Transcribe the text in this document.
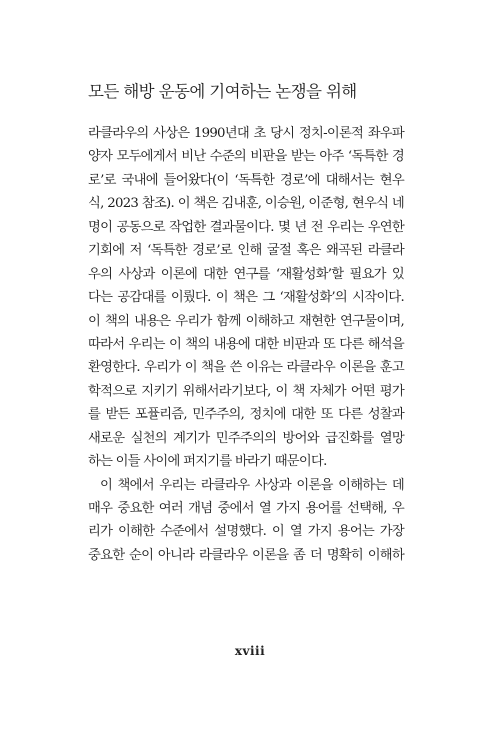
모든 해방 운동에 기여하는 논쟁을 위해
라클라우의 사상은 1990년대 초 당시 정치-이론적 좌우파
양자 모두에게서 비난 수준의 비판을 받는 아주 ‘독특한 경
로’로 국내에 들어왔다(이 ‘독특한 경로’에 대해서는 현우
식, 2023 참조). 이 책은 김내훈, 이승원, 이준형, 현우식 네
명이 공동으로 작업한 결과물이다. 몇 년 전 우리는 우연한
기회에 저 ‘독특한 경로’로 인해 굴절 혹은 왜곡된 라클라
우의 사상과 이론에 대한 연구를 ‘재활성화’할 필요가 있
다는 공감대를 이뤘다. 이 책은 그 ‘재활성화’의 시작이다.
이 책의 내용은 우리가 함께 이해하고 재현한 연구물이며,
따라서 우리는 이 책의 내용에 대한 비판과 또 다른 해석을
환영한다. 우리가 이 책을 쓴 이유는 라클라우 이론을 훈고
학적으로 지키기 위해서라기보다, 이 책 자체가 어떤 평가
를 받든 포퓰리즘, 민주주의, 정치에 대한 또 다른 성찰과
새로운 실천의 계기가 민주주의의 방어와 급진화를 열망
하는 이들 사이에 퍼지기를 바라기 때문이다.
이 책에서 우리는 라클라우 사상과 이론을 이해하는 데
매우 중요한 여러 개념 중에서 열 가지 용어를 선택해, 우
리가 이해한 수준에서 설명했다. 이 열 가지 용어는 가장
중요한 순이 아니라 라클라우 이론을 좀 더 명확히 이해하
xviii
